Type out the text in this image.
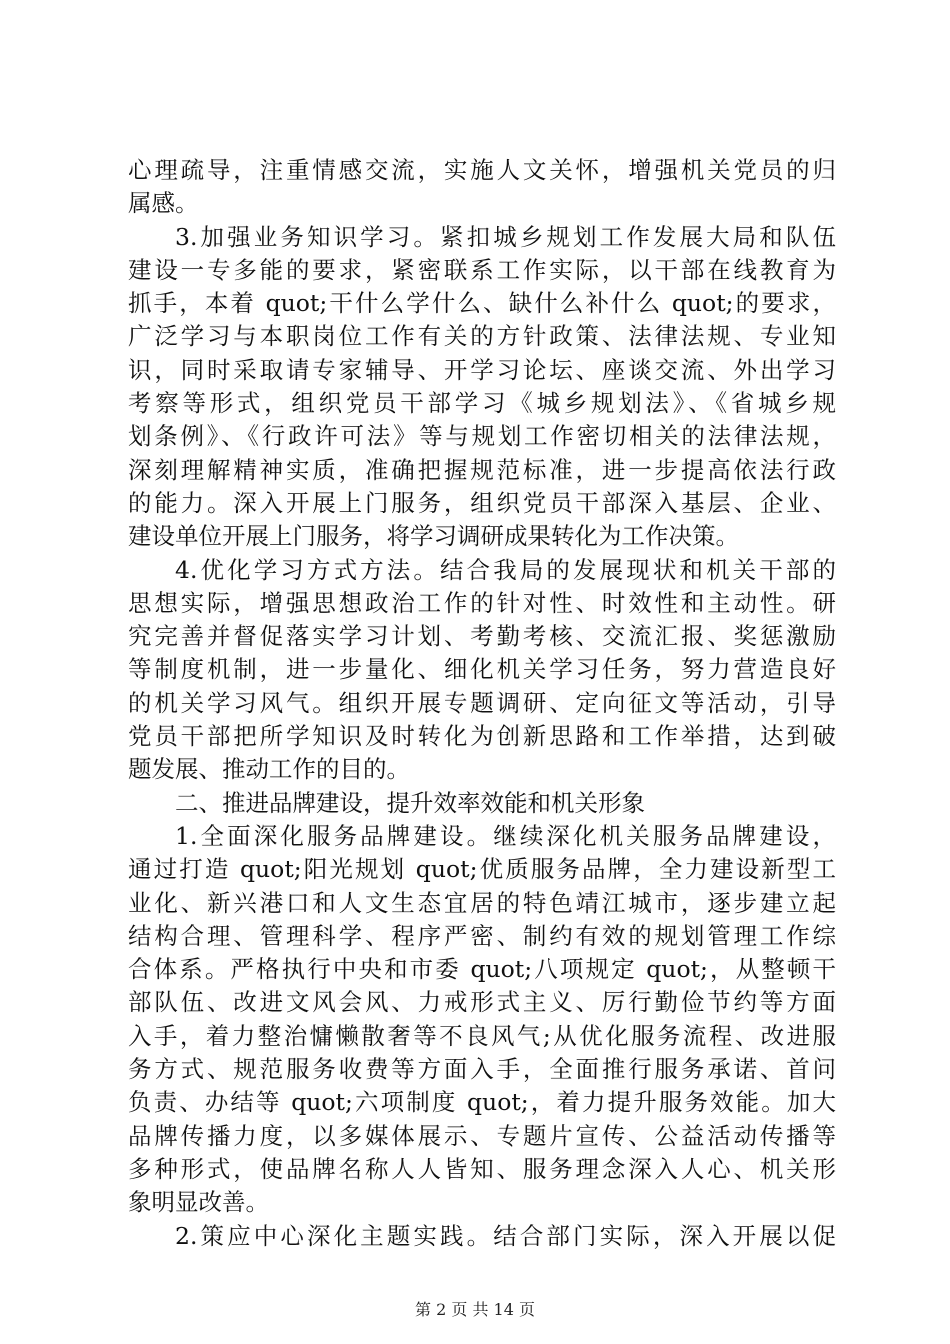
心理疏导，注重情感交流，实施人文关怀，增强机关党员的归
属感。
3.加强业务知识学习。紧扣城乡规划工作发展大局和队伍
建设一专多能的要求，紧密联系工作实际，以干部在线教育为
抓手，本着 quot;干什么学什么、缺什么补什么 quot;的要求，
广泛学习与本职岗位工作有关的方针政策、法律法规、专业知
识，同时采取请专家辅导、开学习论坛、座谈交流、外出学习
考察等形式，组织党员干部学习《城乡规划法》、《省城乡规
划条例》、《行政许可法》等与规划工作密切相关的法律法规，
深刻理解精神实质，准确把握规范标准，进一步提高依法行政
的能力。深入开展上门服务，组织党员干部深入基层、企业、
建设单位开展上门服务，将学习调研成果转化为工作决策。
4.优化学习方式方法。结合我局的发展现状和机关干部的
思想实际，增强思想政治工作的针对性、时效性和主动性。研
究完善并督促落实学习计划、考勤考核、交流汇报、奖惩激励
等制度机制，进一步量化、细化机关学习任务，努力营造良好
的机关学习风气。组织开展专题调研、定向征文等活动，引导
党员干部把所学知识及时转化为创新思路和工作举措，达到破
题发展、推动工作的目的。
二、推进品牌建设，提升效率效能和机关形象
1.全面深化服务品牌建设。继续深化机关服务品牌建设，
通过打造 quot;阳光规划 quot;优质服务品牌，全力建设新型工
业化、新兴港口和人文生态宜居的特色靖江城市，逐步建立起
结构合理、管理科学、程序严密、制约有效的规划管理工作综
合体系。严格执行中央和市委 quot;八项规定 quot;，从整顿干
部队伍、改进文风会风、力戒形式主义、厉行勤俭节约等方面
入手，着力整治慵懒散奢等不良风气;从优化服务流程、改进服
务方式、规范服务收费等方面入手，全面推行服务承诺、首问
负责、办结等 quot;六项制度 quot;，着力提升服务效能。加大
品牌传播力度，以多媒体展示、专题片宣传、公益活动传播等
多种形式，使品牌名称人人皆知、服务理念深入人心、机关形
象明显改善。
2.策应中心深化主题实践。结合部门实际，深入开展以促
第 2 页 共 14 页
